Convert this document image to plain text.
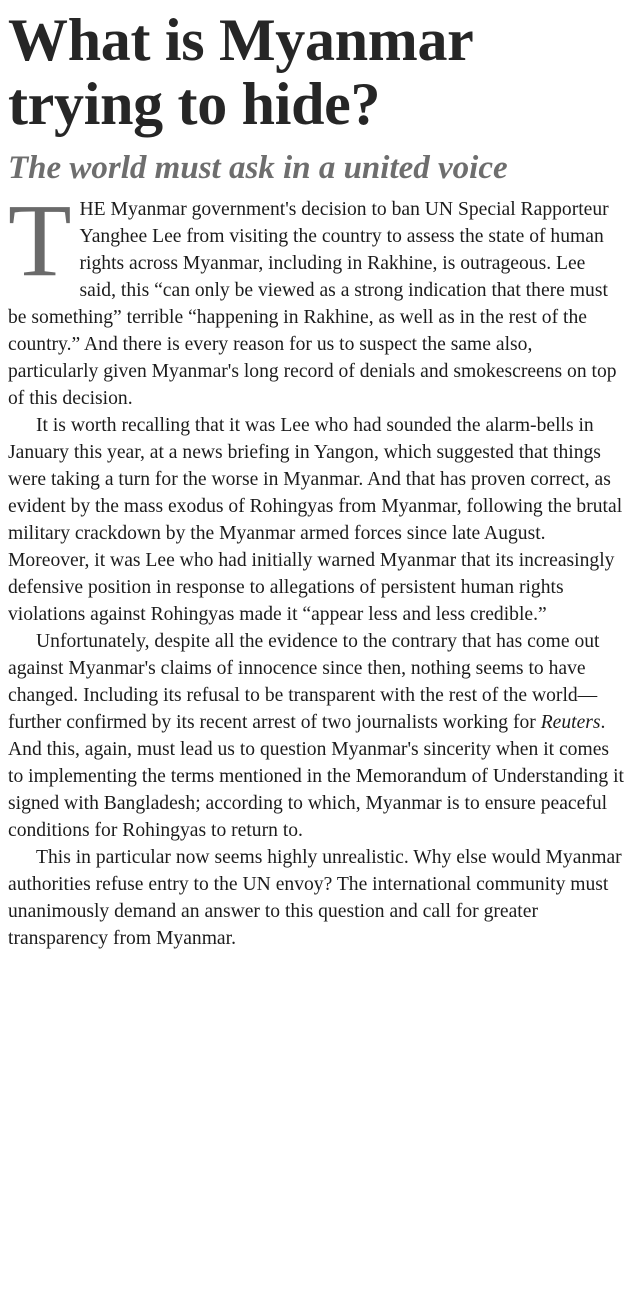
What is Myanmar trying to hide?
The world must ask in a united voice

THE Myanmar government's decision to ban UN Special Rapporteur Yanghee Lee from visiting the country to assess the state of human rights across Myanmar, including in Rakhine, is outrageous. Lee said, this “can only be viewed as a strong indication that there must be something” terrible “happening in Rakhine, as well as in the rest of the country.” And there is every reason for us to suspect the same also, particularly given Myanmar's long record of denials and smokescreens on top of this decision.

It is worth recalling that it was Lee who had sounded the alarm-bells in January this year, at a news briefing in Yangon, which suggested that things were taking a turn for the worse in Myanmar. And that has proven correct, as evident by the mass exodus of Rohingyas from Myanmar, following the brutal military crackdown by the Myanmar armed forces since late August. Moreover, it was Lee who had initially warned Myanmar that its increasingly defensive position in response to allegations of persistent human rights violations against Rohingyas made it “appear less and less credible.”

Unfortunately, despite all the evidence to the contrary that has come out against Myanmar's claims of innocence since then, nothing seems to have changed. Including its refusal to be transparent with the rest of the world—further confirmed by its recent arrest of two journalists working for Reuters. And this, again, must lead us to question Myanmar's sincerity when it comes to implementing the terms mentioned in the Memorandum of Understanding it signed with Bangladesh; according to which, Myanmar is to ensure peaceful conditions for Rohingyas to return to.

This in particular now seems highly unrealistic. Why else would Myanmar authorities refuse entry to the UN envoy? The international community must unanimously demand an answer to this question and call for greater transparency from Myanmar.
